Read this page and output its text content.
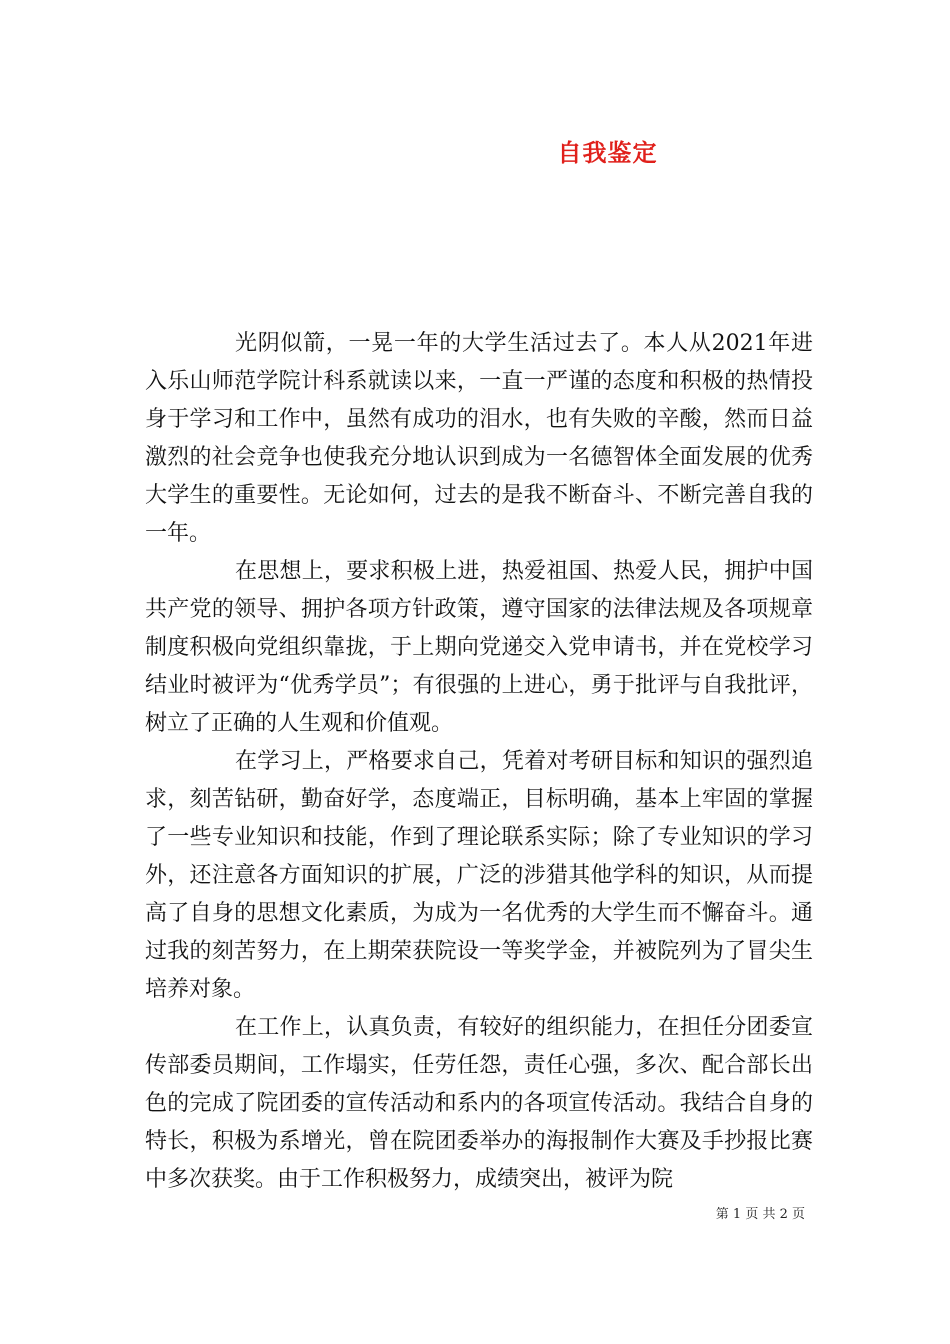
自我鉴定

光阴似箭，一晃一年的大学生活过去了。本人从2021年进入乐山师范学院计科系就读以来，一直一严谨的态度和积极的热情投身于学习和工作中，虽然有成功的泪水，也有失败的辛酸，然而日益激烈的社会竞争也使我充分地认识到成为一名德智体全面发展的优秀大学生的重要性。无论如何，过去的是我不断奋斗、不断完善自我的一年。

在思想上，要求积极上进，热爱祖国、热爱人民，拥护中国共产党的领导、拥护各项方针政策，遵守国家的法律法规及各项规章制度积极向党组织靠拢，于上期向党递交入党申请书，并在党校学习结业时被评为“优秀学员”；有很强的上进心，勇于批评与自我批评，树立了正确的人生观和价值观。

在学习上，严格要求自己，凭着对考研目标和知识的强烈追求，刻苦钻研，勤奋好学，态度端正，目标明确，基本上牢固的掌握了一些专业知识和技能，作到了理论联系实际；除了专业知识的学习外，还注意各方面知识的扩展，广泛的涉猎其他学科的知识，从而提高了自身的思想文化素质，为成为一名优秀的大学生而不懈奋斗。通过我的刻苦努力，在上期荣获院设一等奖学金，并被院列为了冒尖生培养对象。

在工作上，认真负责，有较好的组织能力，在担任分团委宣传部委员期间，工作塌实，任劳任怨，责任心强，多次、配合部长出色的完成了院团委的宣传活动和系内的各项宣传活动。我结合自身的特长，积极为系增光，曾在院团委举办的海报制作大赛及手抄报比赛中多次获奖。由于工作积极努力，成绩突出，被评为院

第 1 页 共 2 页
